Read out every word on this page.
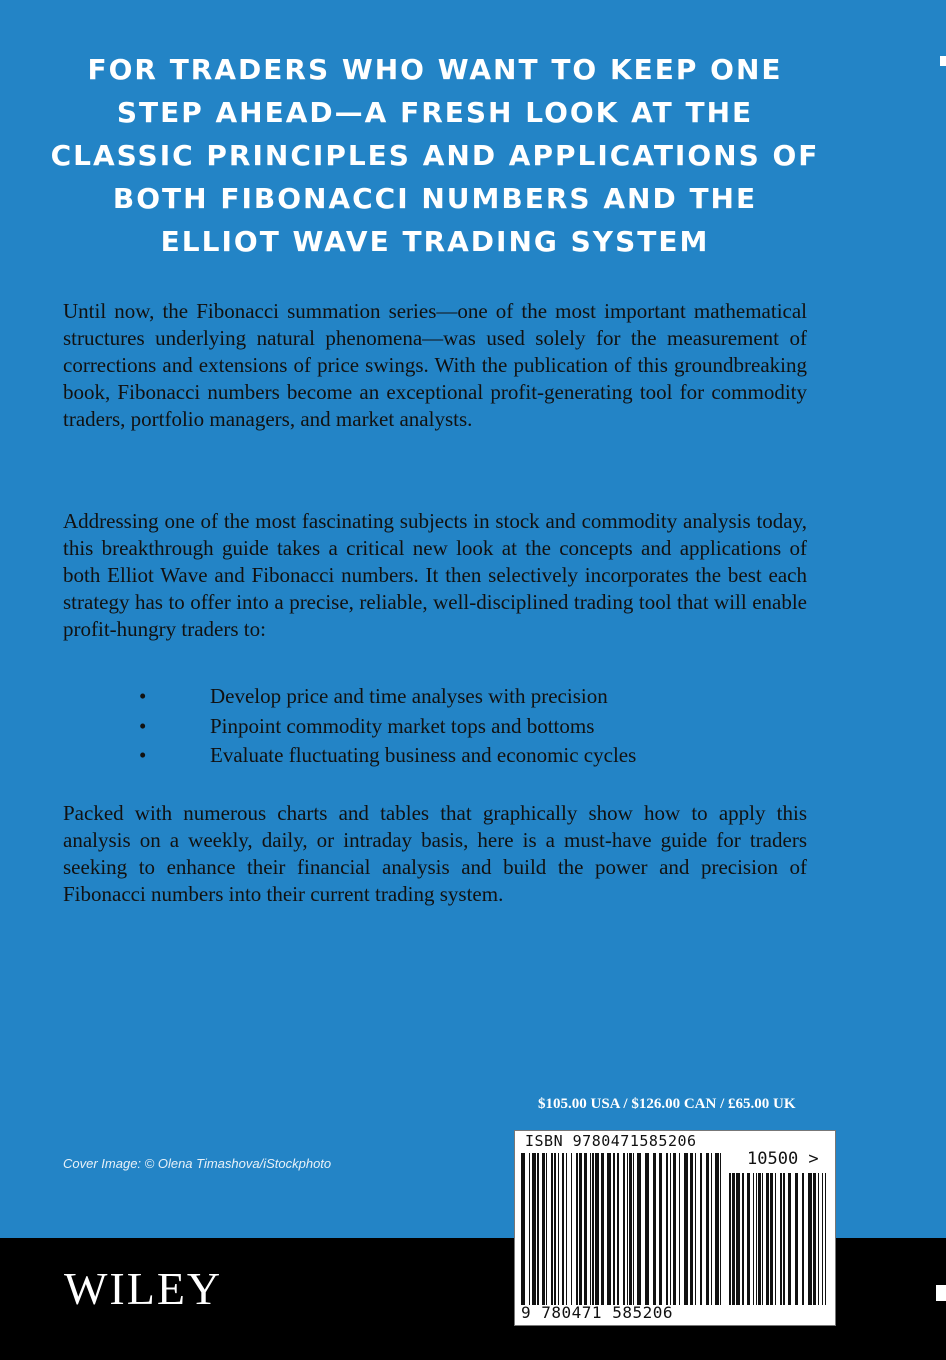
FOR TRADERS WHO WANT TO KEEP ONE STEP AHEAD—A FRESH LOOK AT THE CLASSIC PRINCIPLES AND APPLICATIONS OF BOTH FIBONACCI NUMBERS AND THE ELLIOT WAVE TRADING SYSTEM

Until now, the Fibonacci summation series—one of the most important mathematical structures underlying natural phenomena—was used solely for the measurement of corrections and extensions of price swings. With the publication of this groundbreaking book, Fibonacci numbers become an exceptional profit-generating tool for commodity traders, portfolio managers, and market analysts.

Addressing one of the most fascinating subjects in stock and commodity analysis today, this breakthrough guide takes a critical new look at the concepts and applications of both Elliot Wave and Fibonacci numbers. It then selectively incorporates the best each strategy has to offer into a precise, reliable, well-disciplined trading tool that will enable profit-hungry traders to:

•	Develop price and time analyses with precision
•	Pinpoint commodity market tops and bottoms
•	Evaluate fluctuating business and economic cycles

Packed with numerous charts and tables that graphically show how to apply this analysis on a weekly, daily, or intraday basis, here is a must-have guide for traders seeking to enhance their financial analysis and build the power and precision of Fibonacci numbers into their current trading system.

$105.00 USA / $126.00 CAN / £65.00 UK

Cover Image: © Olena Timashova/iStockphoto

WILEY

ISBN 9780471585206

10500 >

9 780471 585206
